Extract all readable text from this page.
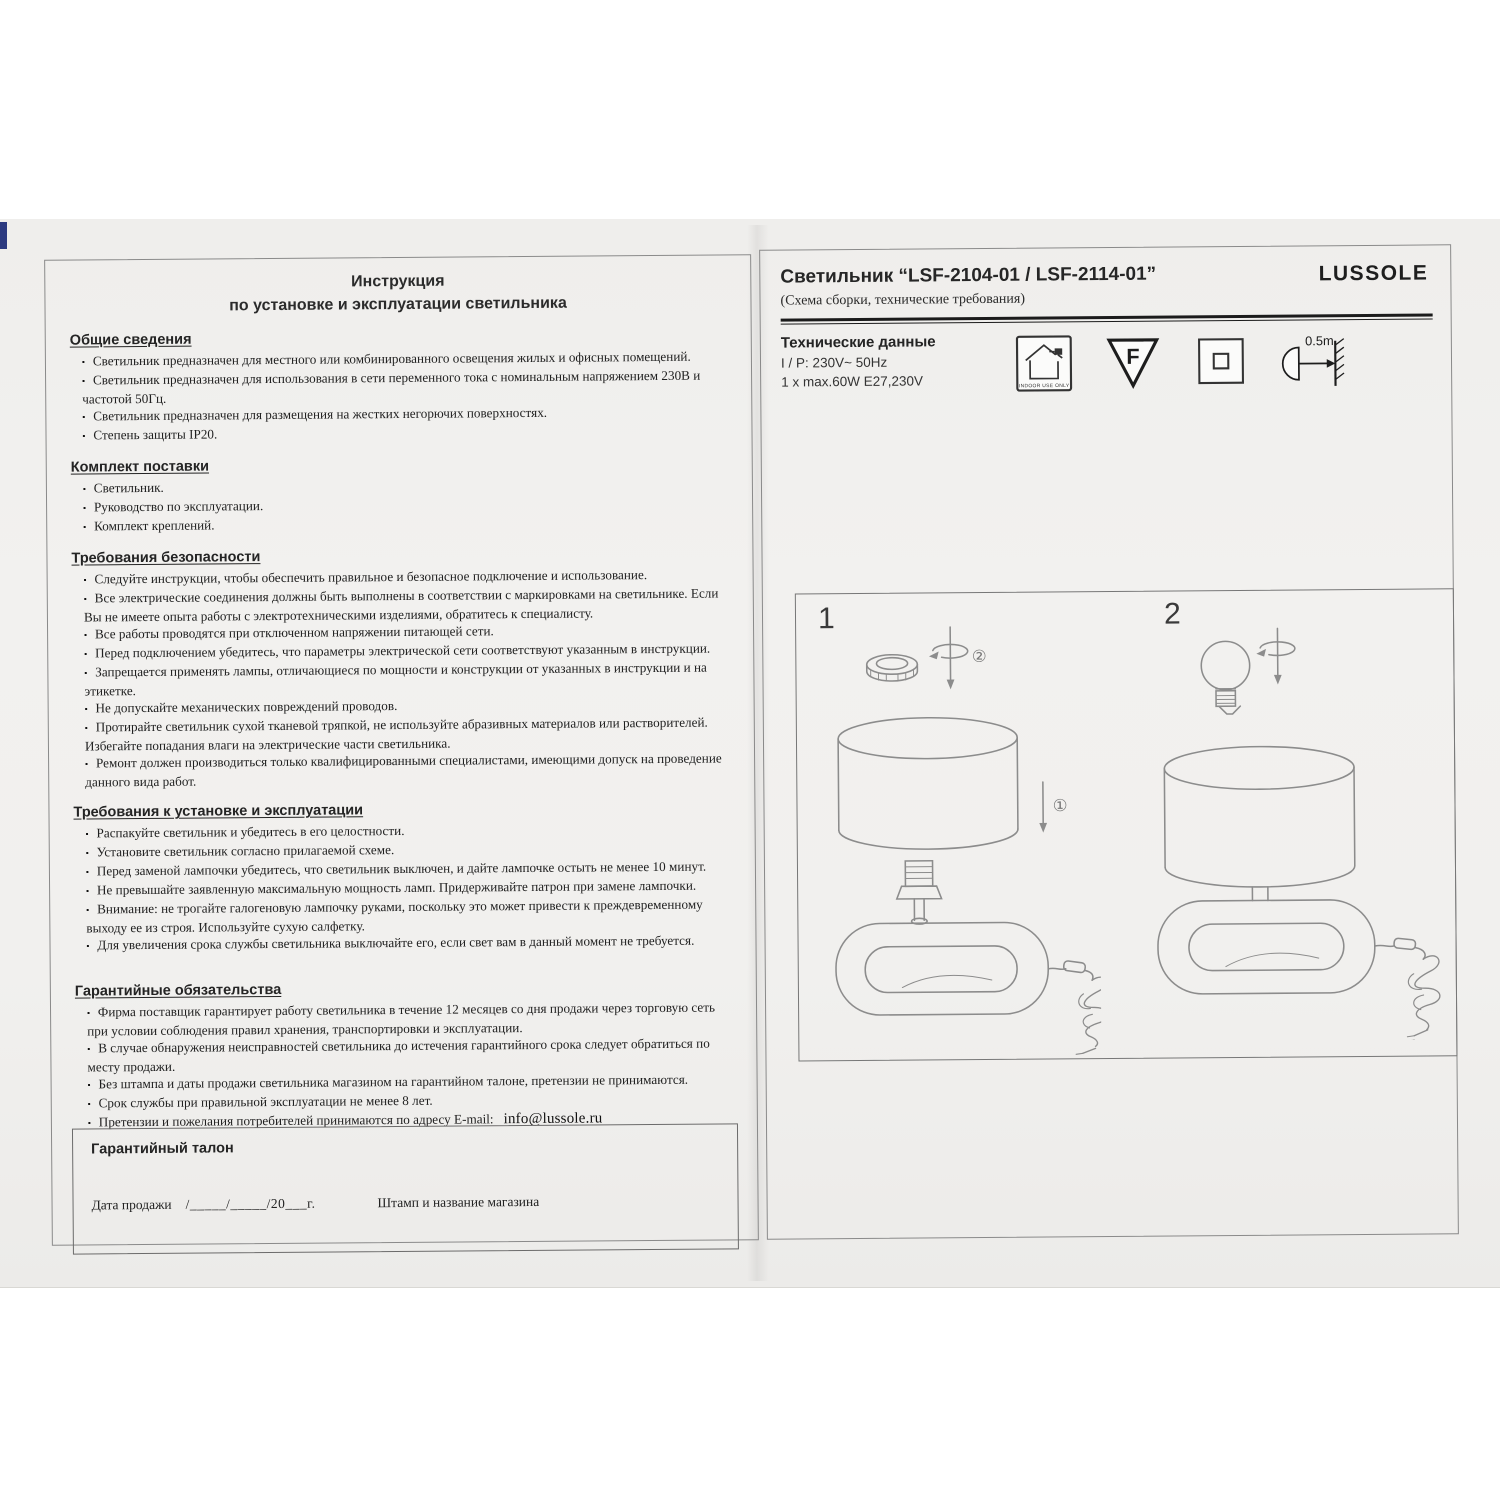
Инструкция
по установке и эксплуатации светильника
Общие сведения
▪ Светильник предназначен для местного или комбинированного освещения жилых и офисных помещений.
▪ Светильник предназначен для использования в сети переменного тока с номинальным напряжением 230В и частотой 50Гц.
▪ Светильник предназначен для размещения на жестких негорючих поверхностях.
▪ Степень защиты IP20.
Комплект поставки
▪ Светильник.
▪ Руководство по эксплуатации.
▪ Комплект креплений.
Требования безопасности
▪ Следуйте инструкции, чтобы обеспечить правильное и безопасное подключение и использование.
▪ Все электрические соединения должны быть выполнены в соответствии с маркировками на светильнике. Если Вы не имеете опыта работы с электротехническими изделиями, обратитесь к специалисту.
▪ Все работы проводятся при отключенном напряжении питающей сети.
▪ Перед подключением убедитесь, что параметры электрической сети соответствуют указанным в инструкции.
▪ Запрещается применять лампы, отличающиеся по мощности и конструкции от указанных в инструкции и на этикетке.
▪ Не допускайте механических повреждений проводов.
▪ Протирайте светильник сухой тканевой тряпкой, не используйте абразивных материалов или растворителей. Избегайте попадания влаги на электрические части светильника.
▪ Ремонт должен производиться только квалифицированными специалистами, имеющими допуск на проведение данного вида работ.
Требования к установке и эксплуатации
▪ Распакуйте светильник и убедитесь в его целостности.
▪ Установите светильник согласно прилагаемой схеме.
▪ Перед заменой лампочки убедитесь, что светильник выключен, и дайте лампочке остыть не менее 10 минут.
▪ Не превышайте заявленную максимальную мощность ламп. Придерживайте патрон при замене лампочки.
▪ Внимание: не трогайте галогеновую лампочку руками, поскольку это может привести к преждевременному выходу ее из строя. Используйте сухую салфетку.
▪ Для увеличения срока службы светильника выключайте его, если свет вам в данный момент не требуется.
Гарантийные обязательства
▪ Фирма поставщик гарантирует работу светильника в течение 12 месяцев со дня продажи через торговую сеть при условии соблюдения правил хранения, транспортировки и эксплуатации.
▪ В случае обнаружения неисправностей светильника до истечения гарантийного срока следует обратиться по месту продажи.
▪ Без штампа и даты продажи светильника магазином на гарантийном талоне, претензии не принимаются.
▪ Срок службы при правильной эксплуатации не менее 8 лет.
▪ Претензии и пожелания потребителей принимаются по адресу E-mail: info@lussole.ru
Гарантийный талон
Дата продажи /_____/_____/20___г.	Штамп и название магазина
Светильник “LSF-2104-01 / LSF-2114-01”	LUSSOLE
(Схема сборки, технические требования)
Технические данные
I / P: 230V~ 50Hz
1 x max.60W E27,230V	INDOOR USE ONLY
F
0.5m
1	2
②
①
